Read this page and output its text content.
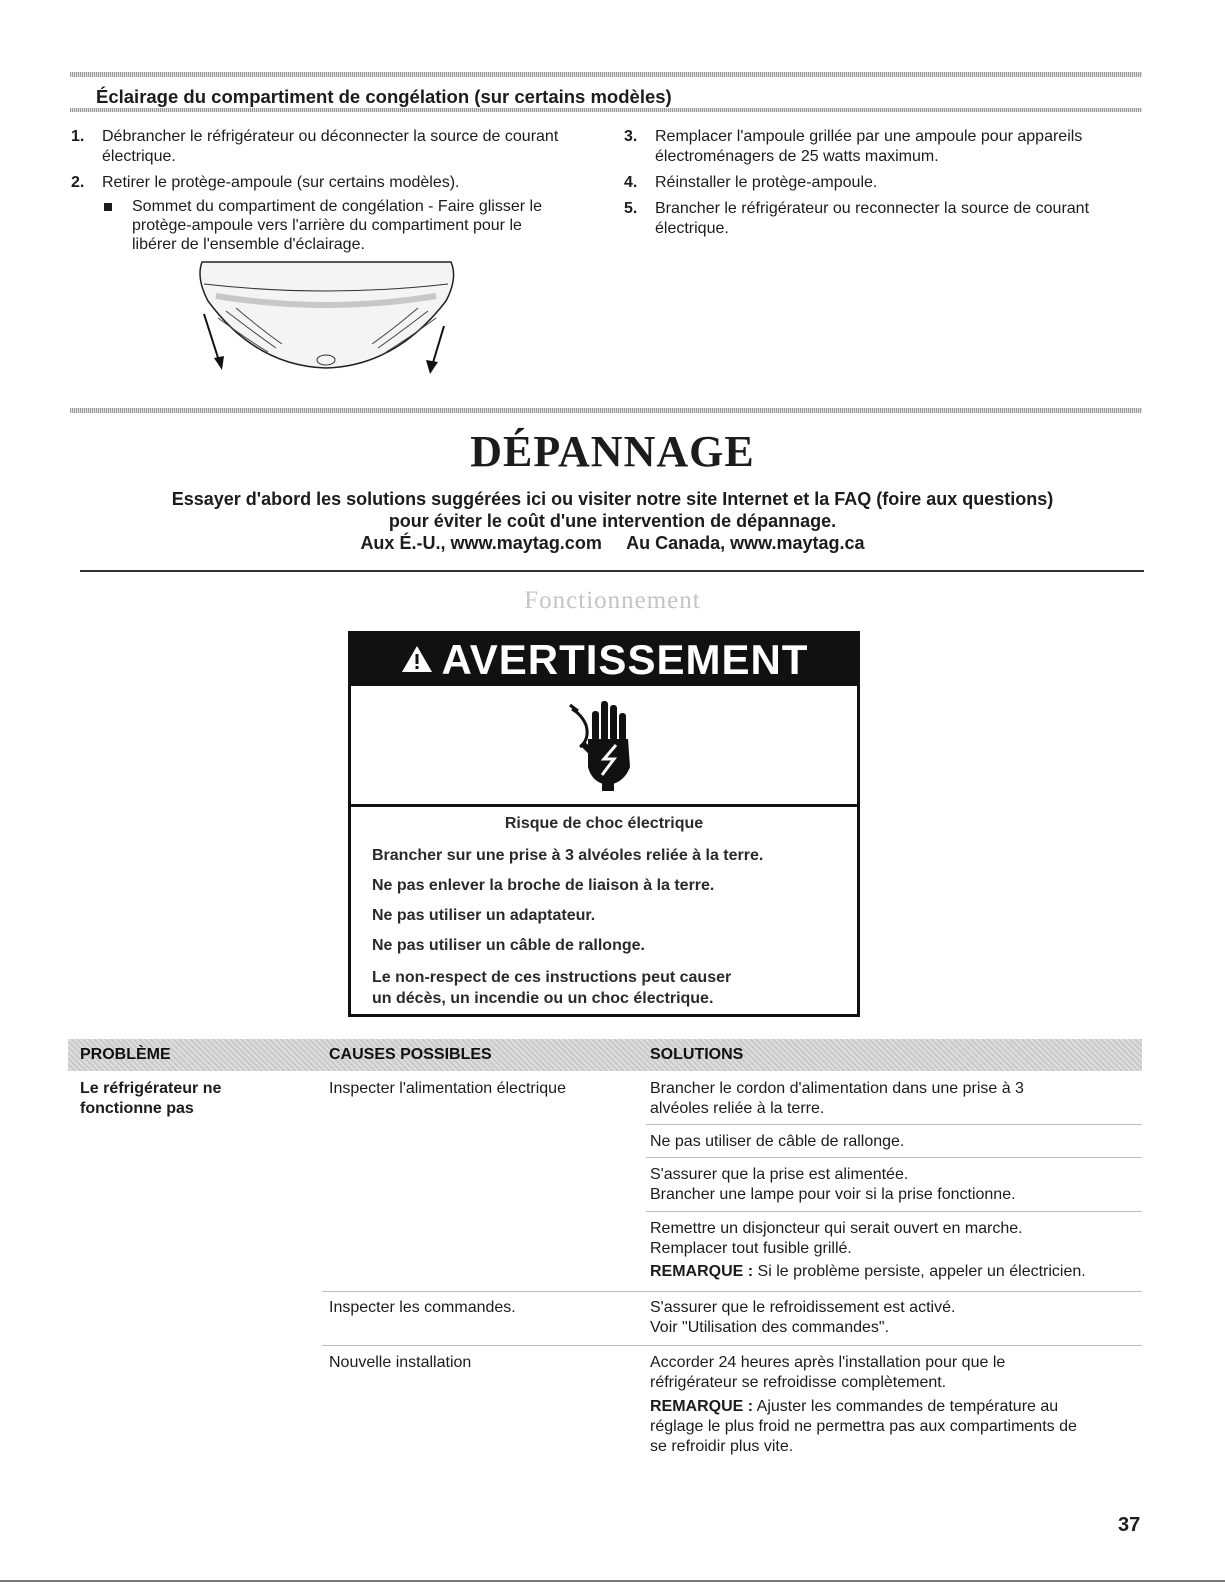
Éclairage du compartiment de congélation (sur certains modèles)
1. Débrancher le réfrigérateur ou déconnecter la source de courant électrique.
2. Retirer le protège-ampoule (sur certains modèles).
Sommet du compartiment de congélation - Faire glisser le protège-ampoule vers l'arrière du compartiment pour le libérer de l'ensemble d'éclairage.
3. Remplacer l'ampoule grillée par une ampoule pour appareils électroménagers de 25 watts maximum.
4. Réinstaller le protège-ampoule.
5. Brancher le réfrigérateur ou reconnecter la source de courant électrique.
DÉPANNAGE
Essayer d'abord les solutions suggérées ici ou visiter notre site Internet et la FAQ (foire aux questions)
pour éviter le coût d'une intervention de dépannage.
Aux É.-U., www.maytag.com     Au Canada, www.maytag.ca
Fonctionnement
AVERTISSEMENT
Risque de choc électrique
Brancher sur une prise à 3 alvéoles reliée à la terre.
Ne pas enlever la broche de liaison à la terre.
Ne pas utiliser un adaptateur.
Ne pas utiliser un câble de rallonge.
Le non-respect de ces instructions peut causer
un décès, un incendie ou un choc électrique.
PROBLÈME	CAUSES POSSIBLES	SOLUTIONS
Le réfrigérateur ne
fonctionne pas
Inspecter l'alimentation électrique
Inspecter les commandes.
Nouvelle installation
Brancher le cordon d'alimentation dans une prise à 3
alvéoles reliée à la terre.
Ne pas utiliser de câble de rallonge.
S'assurer que la prise est alimentée.
Brancher une lampe pour voir si la prise fonctionne.
Remettre un disjoncteur qui serait ouvert en marche.
Remplacer tout fusible grillé.
REMARQUE : Si le problème persiste, appeler un électricien.
S'assurer que le refroidissement est activé.
Voir "Utilisation des commandes".
Accorder 24 heures après l'installation pour que le
réfrigérateur se refroidisse complètement.
REMARQUE : Ajuster les commandes de température au
réglage le plus froid ne permettra pas aux compartiments de
se refroidir plus vite.
37
